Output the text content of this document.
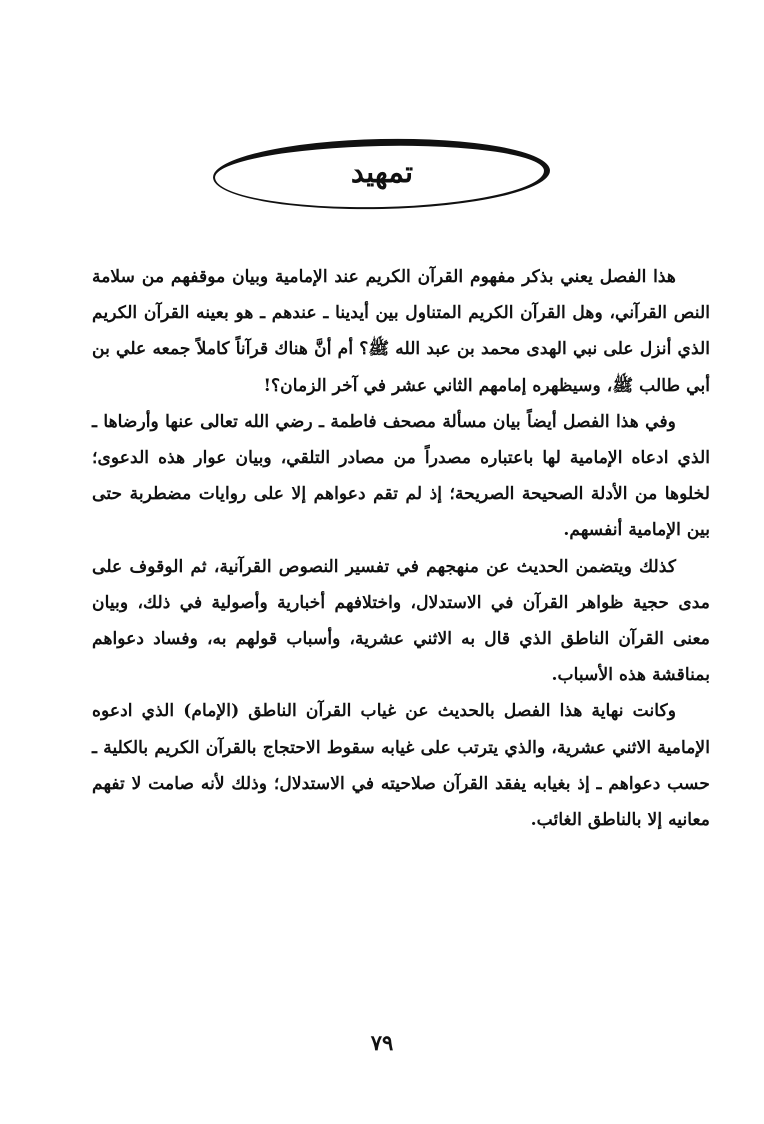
تمهيد

هذا الفصل يعني بذكر مفهوم القرآن الكريم عند الإمامية وبيان موقفهم من سلامة النص القرآني، وهل القرآن الكريم المتناول بين أيدينا ـ عندهم ـ هو بعينه القرآن الكريم الذي أنزل على نبي الهدى محمد بن عبد الله ﷺ؟ أم أنَّ هناك قرآناً كاملاً جمعه علي بن أبي طالب ﷺ، وسيظهره إمامهم الثاني عشر في آخر الزمان؟!

وفي هذا الفصل أيضاً بيان مسألة مصحف فاطمة ـ رضي الله تعالى عنها وأرضاها ـ الذي ادعاه الإمامية لها باعتباره مصدراً من مصادر التلقي، وبيان عوار هذه الدعوى؛ لخلوها من الأدلة الصحيحة الصريحة؛ إذ لم تقم دعواهم إلا على روايات مضطربة حتى بين الإمامية أنفسهم.

كذلك ويتضمن الحديث عن منهجهم في تفسير النصوص القرآنية، ثم الوقوف على مدى حجية ظواهر القرآن في الاستدلال، واختلافهم أخبارية وأصولية في ذلك، وبيان معنى القرآن الناطق الذي قال به الاثني عشرية، وأسباب قولهم به، وفساد دعواهم بمناقشة هذه الأسباب.

وكانت نهاية هذا الفصل بالحديث عن غياب القرآن الناطق (الإمام) الذي ادعوه الإمامية الاثني عشرية، والذي يترتب على غيابه سقوط الاحتجاج بالقرآن الكريم بالكلية ـ حسب دعواهم ـ إذ بغيابه يفقد القرآن صلاحيته في الاستدلال؛ وذلك لأنه صامت لا تفهم معانيه إلا بالناطق الغائب.

٧٩
